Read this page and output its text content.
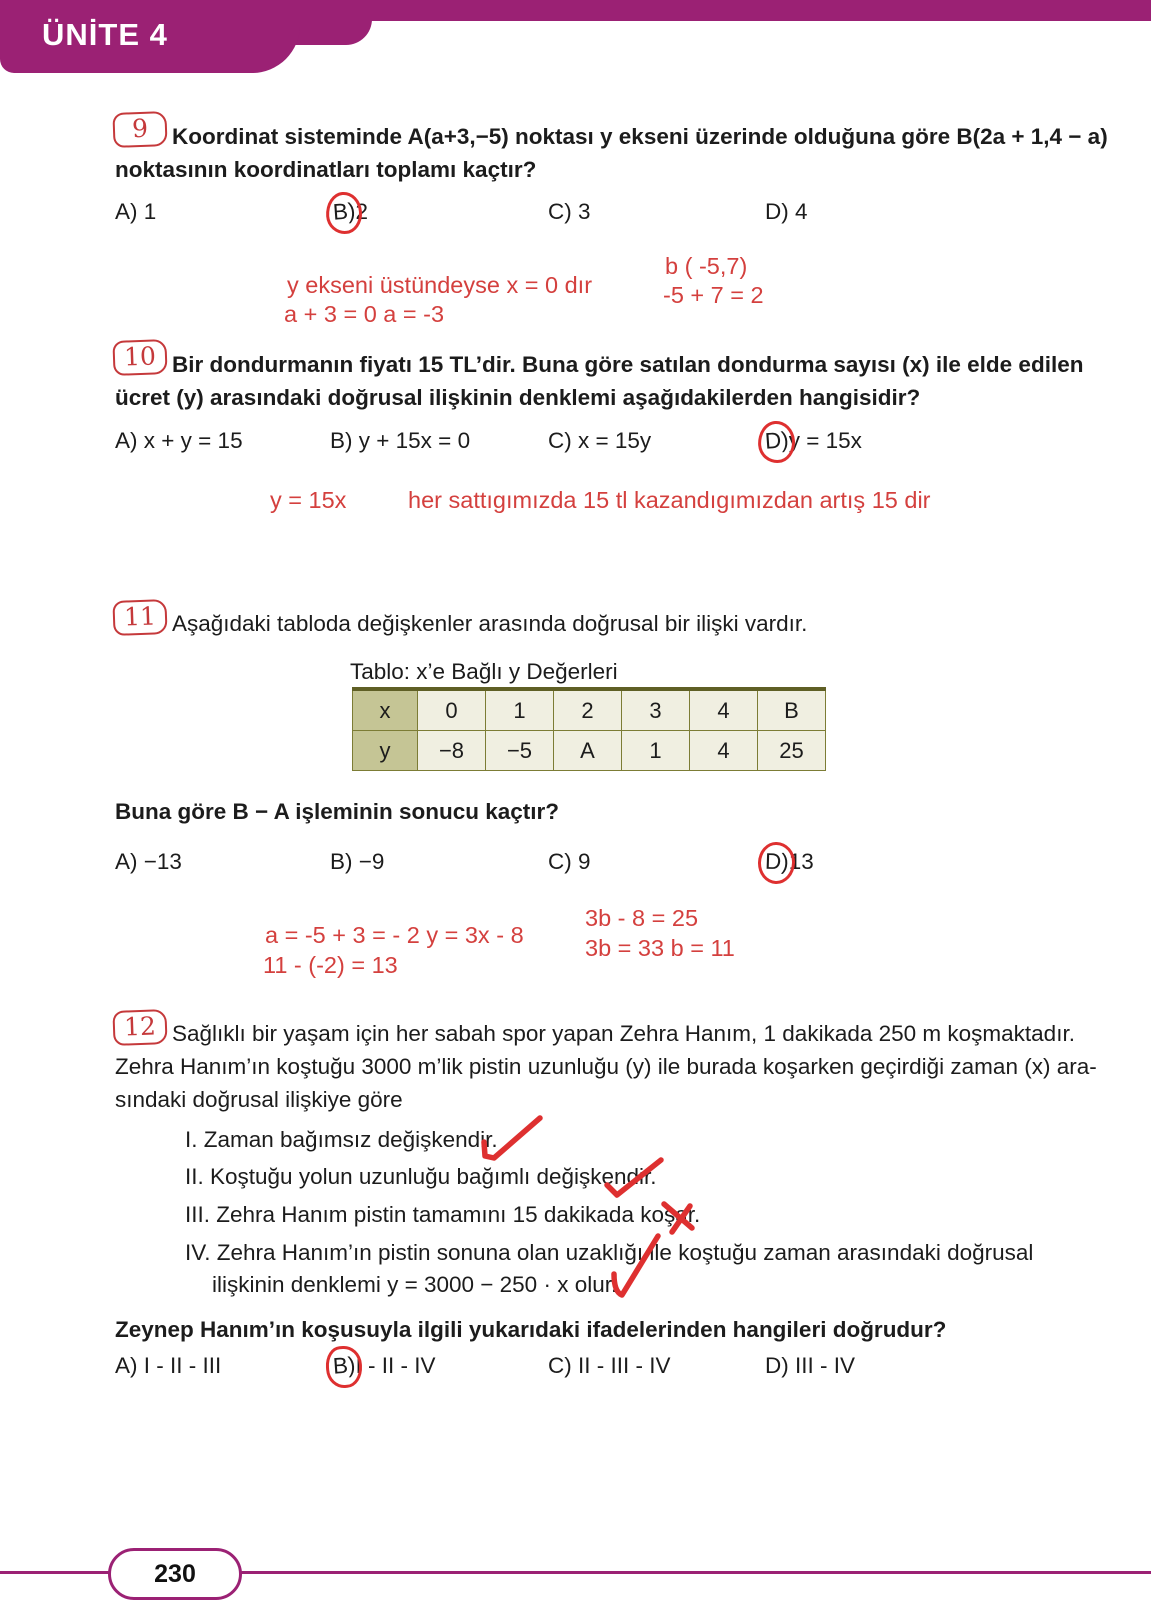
ÜNİTE 4
9	Koordinat sisteminde A(a+3,−5) noktası y ekseni üzerinde olduğuna göre B(2a + 1,4 − a)
noktasının koordinatları toplamı kaçtır?
A) 1	B)2	C) 3	D) 4
y ekseni üstündeyse x = 0 dır
a + 3 = 0 a = -3
b ( -5,7)
-5 + 7 = 2
10 Bir dondurmanın fiyatı 15 TL’dir. Buna göre satılan dondurma sayısı (x) ile elde edilen
ücret (y) arasındaki doğrusal ilişkinin denklemi aşağıdakilerden hangisidir?
A) x + y = 15	B) y + 15x = 0	C) x = 15y	D)y = 15x
y = 15x	her sattıgımızda 15 tl kazandıgımızdan artış 15 dir
11 Aşağıdaki tabloda değişkenler arasında doğrusal bir ilişki vardır.
Tablo: x’e Bağlı y Değerleri
x	0	1	2	3	4	B
y	−8	−5	A	1	4	25
Buna göre B − A işleminin sonucu kaçtır?
A) −13	B) −9	C) 9	D)13
a = -5 + 3 = - 2 y = 3x - 8
11 - (-2) = 13
3b - 8 = 25
3b = 33 b = 11
12 Sağlıklı bir yaşam için her sabah spor yapan Zehra Hanım, 1 dakikada 250 m koşmaktadır.
Zehra Hanım’ın koştuğu 3000 m’lik pistin uzunluğu (y) ile burada koşarken geçirdiği zaman (x) ara-
sındaki doğrusal ilişkiye göre
I. Zaman bağımsız değişkendir.
II. Koştuğu yolun uzunluğu bağımlı değişkendir.
III. Zehra Hanım pistin tamamını 15 dakikada koşar.
IV. Zehra Hanım’ın pistin sonuna olan uzaklığı ile koştuğu zaman arasındaki doğrusal
ilişkinin denklemi y = 3000 − 250 · x olur.
Zeynep Hanım’ın koşusuyla ilgili yukarıdaki ifadelerinden hangileri doğrudur?
A) I - II - III	B)I - II - IV	C) II - III - IV	D) III - IV
230
